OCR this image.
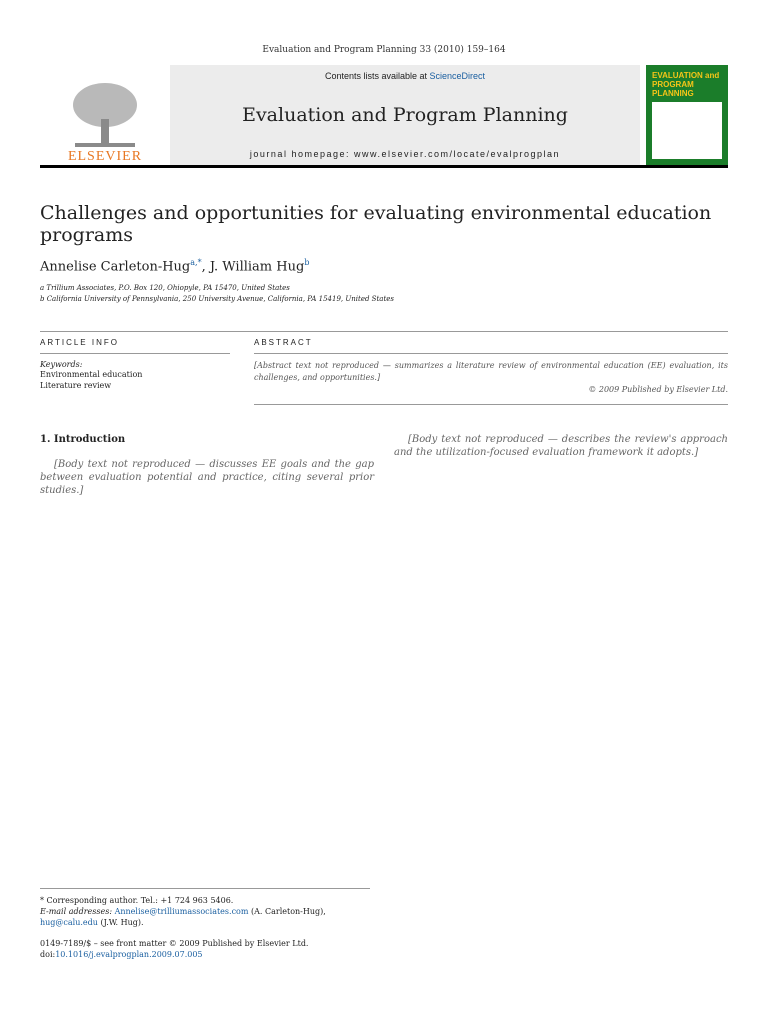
Evaluation and Program Planning 33 (2010) 159–164
ELSEVIER
Contents lists available at ScienceDirect
Evaluation and Program Planning
journal homepage: www.elsevier.com/locate/evalprogplan
EVALUATION and PROGRAM PLANNING
Challenges and opportunities for evaluating environmental education programs
Annelise Carleton-Hug$^{a,*}$, J. William Hug$^b$
a Trillium Associates, P.O. Box 120, Ohiopyle, PA 15470, United States
b California University of Pennsylvania, 250 University Avenue, California, PA 15419, United States
ARTICLE INFO
Keywords:
Environmental education
Literature review
ABSTRACT
[Abstract text not reproduced — summarizes a literature review of environmental education (EE) evaluation, its challenges, and opportunities.]
© 2009 Published by Elsevier Ltd.
1. Introduction

[Body text not reproduced — discusses EE goals and the gap between evaluation potential and practice, citing several prior studies.]

[Body text not reproduced — describes the review's approach and the utilization-focused evaluation framework it adopts.]

* Corresponding author. Tel.: +1 724 963 5406.
E-mail addresses: Annelise@trilliumassociates.com (A. Carleton-Hug), hug@calu.edu (J.W. Hug).
0149-7189/$ – see front matter © 2009 Published by Elsevier Ltd.
doi:10.1016/j.evalprogplan.2009.07.005
